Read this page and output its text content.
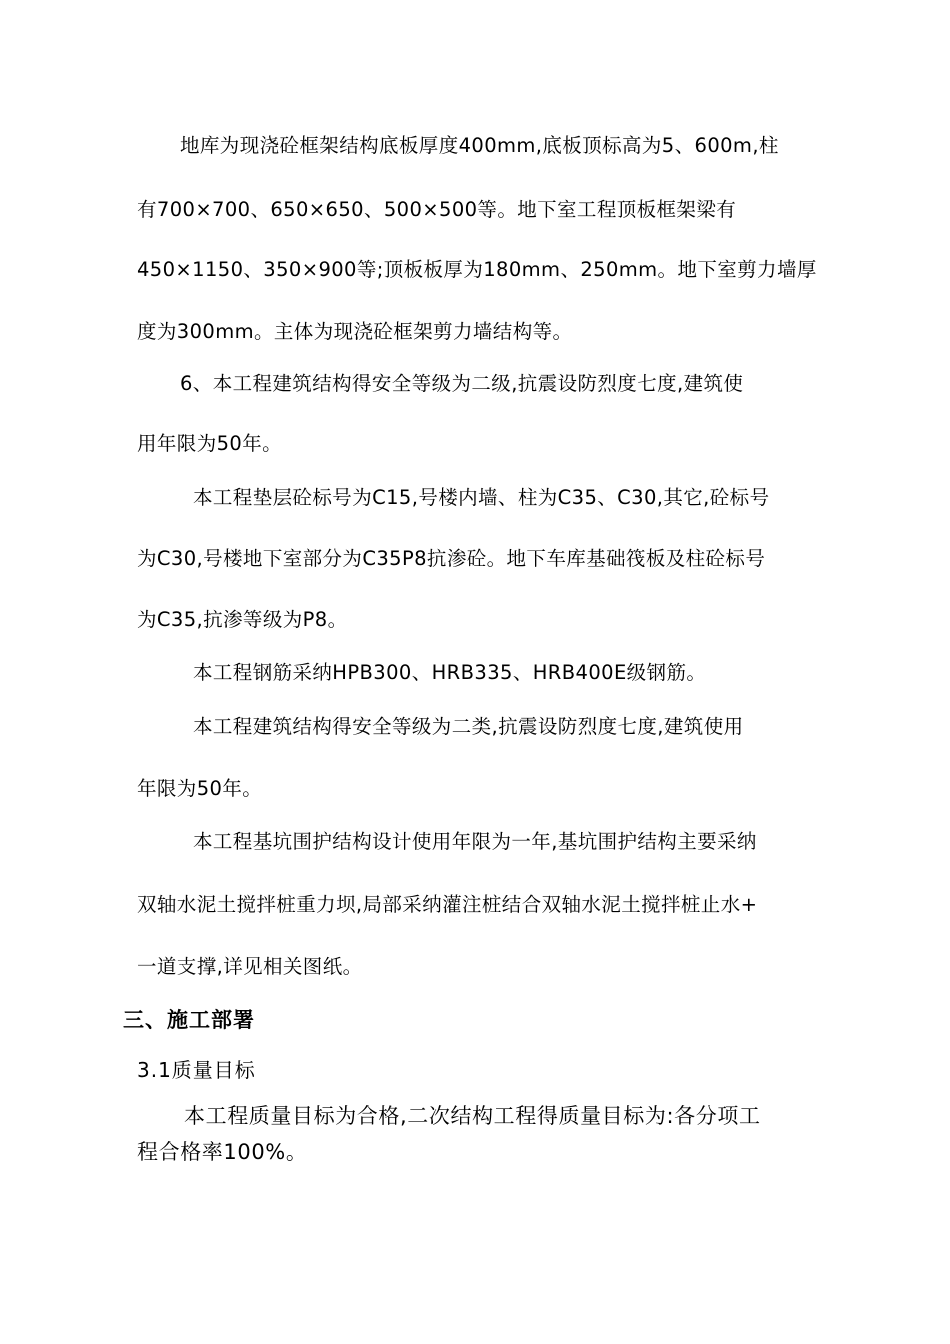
地库为现浇砼框架结构底板厚度400mm,底板顶标高为5、600m,柱
有700×700、650×650、500×500等。地下室工程顶板框架梁有
450×1150、350×900等;顶板板厚为180mm、250mm。地下室剪力墙厚
度为300mm。主体为现浇砼框架剪力墙结构等。
6、本工程建筑结构得安全等级为二级,抗震设防烈度七度,建筑使
用年限为50年。
本工程垫层砼标号为C15,号楼内墙、柱为C35、C30,其它,砼标号
为C30,号楼地下室部分为C35P8抗渗砼。地下车库基础筏板及柱砼标号
为C35,抗渗等级为P8。
本工程钢筋采纳HPB300、HRB335、HRB400E级钢筋。
本工程建筑结构得安全等级为二类,抗震设防烈度七度,建筑使用
年限为50年。
本工程基坑围护结构设计使用年限为一年,基坑围护结构主要采纳
双轴水泥土搅拌桩重力坝,局部采纳灌注桩结合双轴水泥土搅拌桩止水+
一道支撑,详见相关图纸。
三、施工部署
3.1质量目标
本工程质量目标为合格,二次结构工程得质量目标为:各分项工
程合格率100%。
